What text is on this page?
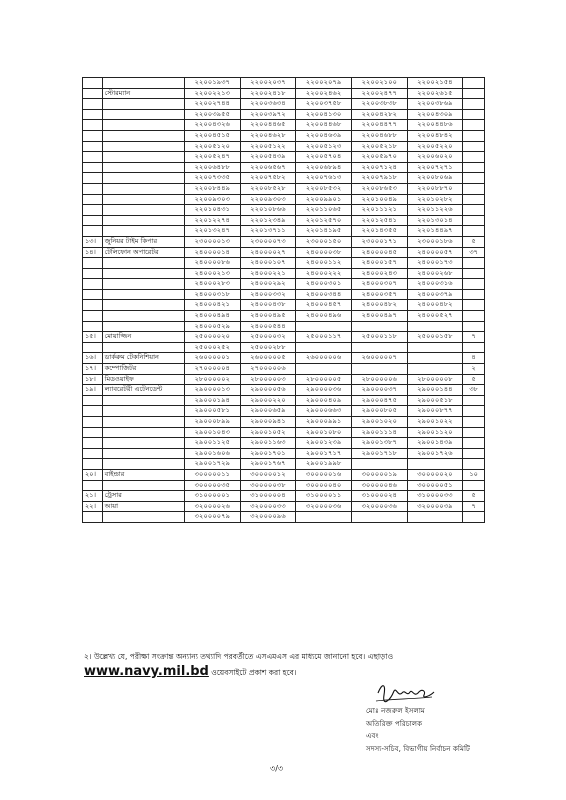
		২২০০১৯৩৭	২২০০২০৩৭	২২০০২০৭৯	২২০০২১০০	২২০০২১৫৪	
	স্টোরম্যান	২২০০২২১৩	২২০০২৪১৮	২২০০২৪৬২	২২০০২৪৭৭	২২০০২৬১৫	
		২২০০২৭৪৪	২২০০৩৬৩৪	২২০০৩৭৫৮	২২০০৩৮৩৮	২২০০৩৮৬৯	
		২২০০৩৯৫৫	২২০০৩৯৭২	২২০০৪১৩০	২২০০৪২৮২	২২০০৪৩০৯	
		২২০০৪৩২৬	২২০০৪৪৬৫	২২০০৪৪৬৮	২২০০৪৪৭৭	২২০০৪৪৮৬	
		২২০০৪৫১৫	২২০০৪৬২৮	২২০০৪৬৩৯	২২০০৪৬৮৮	২২০০৪৮৪২	
		২২০০৫১২০	২২০০৫১২২	২২০০৫১২৩	২২০০৫২১৮	২২০০৫২২০	
		২২০০৫২৪৭	২২০০৫৪৩৯	২২০০৫৭০৪	২২০০৫৯৭০	২২০০৬০২০	
		২২০০৬৪৮৮	২২০০৬৫৬৭	২২০০৬৮৯৪	২২০০৭১২৪	২২০০৭২৭১	
		২২০০৭৩৩৫	২২০০৭৫৮২	২২০০৭৬১৩	২২০০৭৯১৮	২২০০৮০৬৯	
		২২০০৮৪৪৯	২২০০৮৫২৮	২২০০৮৫৩২	২২০০৮৬৫৩	২২০০৮৮৭০	
		২২০০৯৩০৩	২২০০৯৩০৩	২২০০৯৯০১	২২০১০০৪৯	২২০১০২৮২	
		২২০১০৪৩১	২২০১০৮৬৬	২২০১১০৬৫	২২০১১১২১	২২০১১২২৬	
		২২০১২২৭৪	২২০১২৩৪৯	২২০১২৫৭০	২২০১২৫৪১	২২০১৩০১৪	
		২২০১৩২৪৭	২২০১৩৭১১	২২০১৪১৯৫	২২০১৪৩৫৫	২২০১৪৪৯৭	
১৩।	জুনিয়র টাইম কিপার	২৩০০০০১৩	২৩০০০০৭৩	২৩০০০১৫০	২৩০০০১৭১	২৩০০০১৮৬	৫
১৪।	টেলিফোন অপারেটর	২৪০০০০১৪	২৪০০০০২৭	২৪০০০০৩৮	২৪০০০০৪৫	২৪০০০০৫৭	৩৭
		২৪০০০০৮৬	২৪০০০১০৭	২৪০০০১১২	২৪০০০১৫৭	২৪০০০১৭৩	
		২৪০০০২১৩	২৪০০০২২১	২৪০০০২২২	২৪০০০২৪৩	২৪০০০২৬৮	
		২৪০০০২৮৩	২৪০০০২৯২	২৪০০০৩০১	২৪০০০৩০৭	২৪০০০৩১৬	
		২৪০০০৩১৮	২৪০০০৩৩২	২৪০০০৩৪৪	২৪০০০৩৫৭	২৪০০০৩৭৯	
		২৪০০০৪২১	২৪০০০৪৩৮	২৪০০০৪৫৭	২৪০০০৪৮২	২৪০০০৪৮২	
		২৪০০০৪৯৪	২৪০০০৪৯৫	২৪০০০৪৯৬	২৪০০০৪৯৭	২৪০০০৫২৭	
		২৪০০০৫২৯	২৪০০০৫৪৪				
১৫।	মোয়াজ্জিন	২৫০০০০২০	২৫০০০০৩২	২৫০০০১১৭	২৫০০০১১৮	২৫০০০১৫৮	৭
		২৫০০০২৫২	২৫০০০২৮৮				
১৬।	ডার্করুম টেকনিশিয়ান	২৬০০০০০১	২৬০০০০০৫	২৬০০০০০৬	২৬০০০০০৭		৪
১৭।	কম্পোজিটর	২৭০০০০০৪	২৭০০০০০৬				২
১৮।	মিডওয়াইফ	২৮০০০০০২	২৮০০০০০৩	২৮০০০০০৫	২৮০০০০০৬	২৮০০০০০৮	৫
১৯।	ল্যাবরেটরী এটেনডেন্ট	২৯০০০০১৩	২৯০০০০৫৬	২৯০০০০৩৬	২৯০০০০৩৭	২৯০০০১৪৪	৩৮
		২৯০০০১৯৪	২৯০০০২২০	২৯০০০৪০৯	২৯০০০৪৭৫	২৯০০০৫১৮	
		২৯০০০৫৮১	২৯০০০৬৫৯	২৯০০০৬৬৩	২৯০০০৮০৫	২৯০০০৮৭৭	
		২৯০০০৮৯৯	২৯০০০৯৪১	২৯০০০৯৯১	২৯০০১০২০	২৯০০১০২২	
		২৯০০১০৪৩	২৯০০১০৫২	২৯০০১০৮০	২৯০০১১১৪	২৯০০১১২০	
		২৯০০১১২৫	২৯০০১১৬৩	২৯০০১২৩৯	২৯০০১৩৮৭	২৯০০১৪৩৯	
		২৯০০১৬০৬	২৯০০১৭০১	২৯০০১৭১৭	২৯০০১৭১৮	২৯০০১৭২৬	
		২৯০০১৭২৯	২৯০০১৭৬৭	২৯০০১৯৯৮			
২০।	বাইন্ডার	৩০০০০০১১	৩০০০০০১২	৩০০০০০১৬	৩০০০০০১৯	৩০০০০০২০	১০
		৩০০০০০৩৫	৩০০০০০৩৮	৩০০০০০৪০	৩০০০০০৪৬	৩০০০০০৫১	
২১।	ট্রেসার	৩১০০০০০১	৩১০০০০০৪	৩১০০০০১১	৩১০০০০২৪	৩১০০০০৩৩	৫
২২।	আয়া	৩২০০০০২৬	৩২০০০০৩৩	৩২০০০০৩৬	৩২০০০০৩৬	৩২০০০০৩৯	৭
		৩২০০০০৭৯	৩২০০০০৯৬				
২। উল্লেখ্য যে, পরীক্ষা সংক্রান্ত অন্যান্য তথ্যাদি পরবর্তীতে এসএমএস এর মাধ্যমে জানানো হবে। এছাড়াও
www.navy.mil.bd ওয়েবসাইটে প্রকাশ করা হবে।
মোঃ নজরুল ইসলাম
অতিরিক্ত পরিচালক
এবং
সদস্য-সচিব, বিভাগীয় নির্বাচন কমিটি
৩/৩
